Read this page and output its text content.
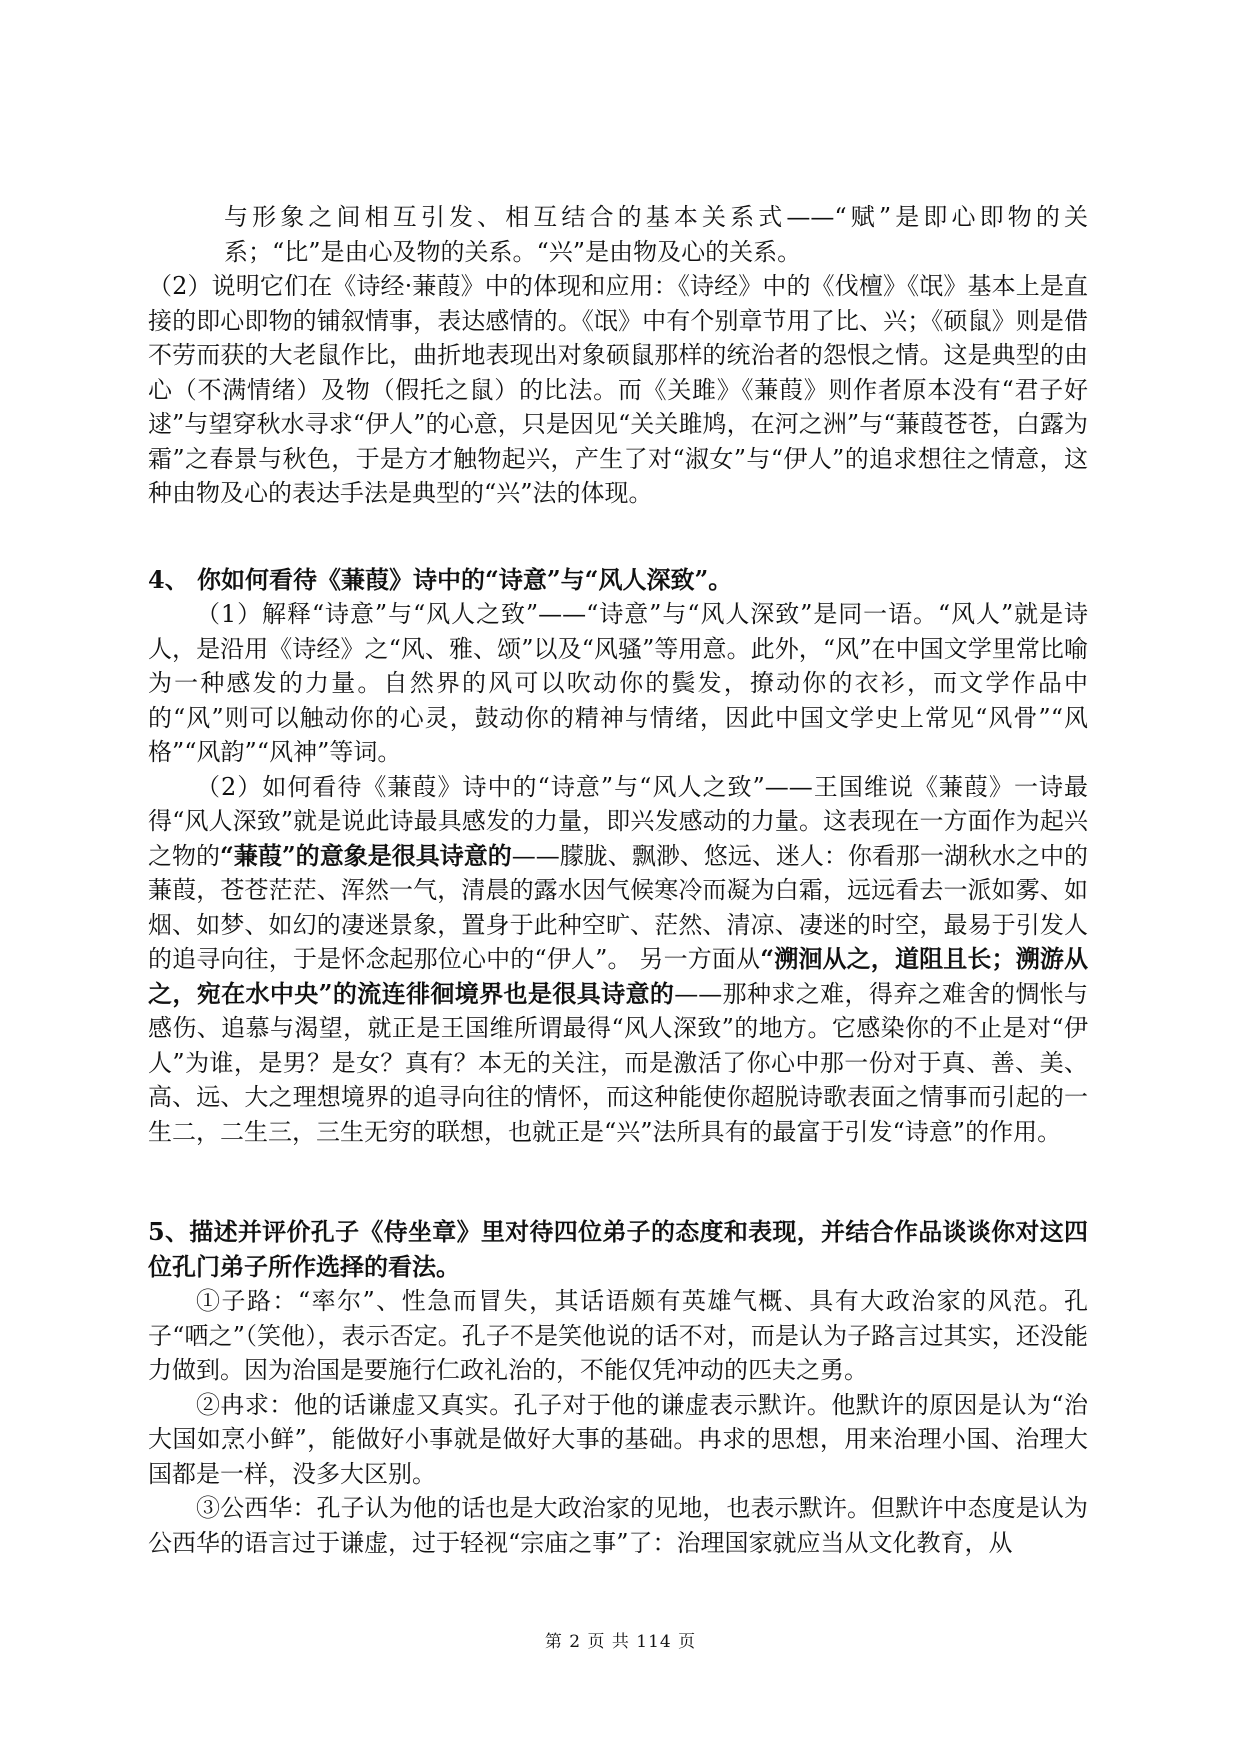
与形象之间相互引发、相互结合的基本关系式——“赋”是即心即物的关系；“比”是由心及物的关系。“兴”是由物及心的关系。

（2）说明它们在《诗经·蒹葭》中的体现和应用：《诗经》中的《伐檀》《氓》基本上是直接的即心即物的铺叙情事，表达感情的。《氓》中有个别章节用了比、兴；《硕鼠》则是借不劳而获的大老鼠作比，曲折地表现出对象硕鼠那样的统治者的怨恨之情。这是典型的由心（不满情绪）及物（假托之鼠）的比法。而《关雎》《蒹葭》则作者原本没有“君子好逑”与望穿秋水寻求“伊人”的心意，只是因见“关关雎鸠，在河之洲”与“蒹葭苍苍，白露为霜”之春景与秋色，于是方才触物起兴，产生了对“淑女”与“伊人”的追求想往之情意，这种由物及心的表达手法是典型的“兴”法的体现。

4、 你如何看待《蒹葭》诗中的“诗意”与“风人深致”。

（1）解释“诗意”与“风人之致”——“诗意”与“风人深致”是同一语。“风人”就是诗人，是沿用《诗经》之“风、雅、颂”以及“风骚”等用意。此外，“风”在中国文学里常比喻为一种感发的力量。自然界的风可以吹动你的鬓发，撩动你的衣衫，而文学作品中的“风”则可以触动你的心灵，鼓动你的精神与情绪，因此中国文学史上常见“风骨”“风格”“风韵”“风神”等词。

（2）如何看待《蒹葭》诗中的“诗意”与“风人之致”——王国维说《蒹葭》一诗最得“风人深致”就是说此诗最具感发的力量，即兴发感动的力量。这表现在一方面作为起兴之物的“蒹葭”的意象是很具诗意的——朦胧、飘渺、悠远、迷人：你看那一湖秋水之中的蒹葭，苍苍茫茫、浑然一气，清晨的露水因气候寒冷而凝为白霜，远远看去一派如雾、如烟、如梦、如幻的凄迷景象，置身于此种空旷、茫然、清凉、凄迷的时空，最易于引发人的追寻向往，于是怀念起那位心中的“伊人”。 另一方面从“溯洄从之，道阻且长；溯游从之，宛在水中央”的流连徘徊境界也是很具诗意的——那种求之难，得弃之难舍的惆怅与感伤、追慕与渴望，就正是王国维所谓最得“风人深致”的地方。它感染你的不止是对“伊人”为谁，是男？是女？真有？本无的关注，而是激活了你心中那一份对于真、善、美、高、远、大之理想境界的追寻向往的情怀，而这种能使你超脱诗歌表面之情事而引起的一生二，二生三，三生无穷的联想，也就正是“兴”法所具有的最富于引发“诗意”的作用。

5、描述并评价孔子《侍坐章》里对待四位弟子的态度和表现，并结合作品谈谈你对这四位孔门弟子所作选择的看法。

①子路：“率尔”、性急而冒失，其话语颇有英雄气概、具有大政治家的风范。孔子“哂之”（笑他），表示否定。孔子不是笑他说的话不对，而是认为子路言过其实，还没能力做到。因为治国是要施行仁政礼治的，不能仅凭冲动的匹夫之勇。

②冉求：他的话谦虚又真实。孔子对于他的谦虚表示默许。他默许的原因是认为“治大国如烹小鲜”，能做好小事就是做好大事的基础。冉求的思想，用来治理小国、治理大国都是一样，没多大区别。

③公西华：孔子认为他的话也是大政治家的见地，也表示默许。但默许中态度是认为公西华的语言过于谦虚，过于轻视“宗庙之事”了：治理国家就应当从文化教育，从

第 2 页 共 114 页
